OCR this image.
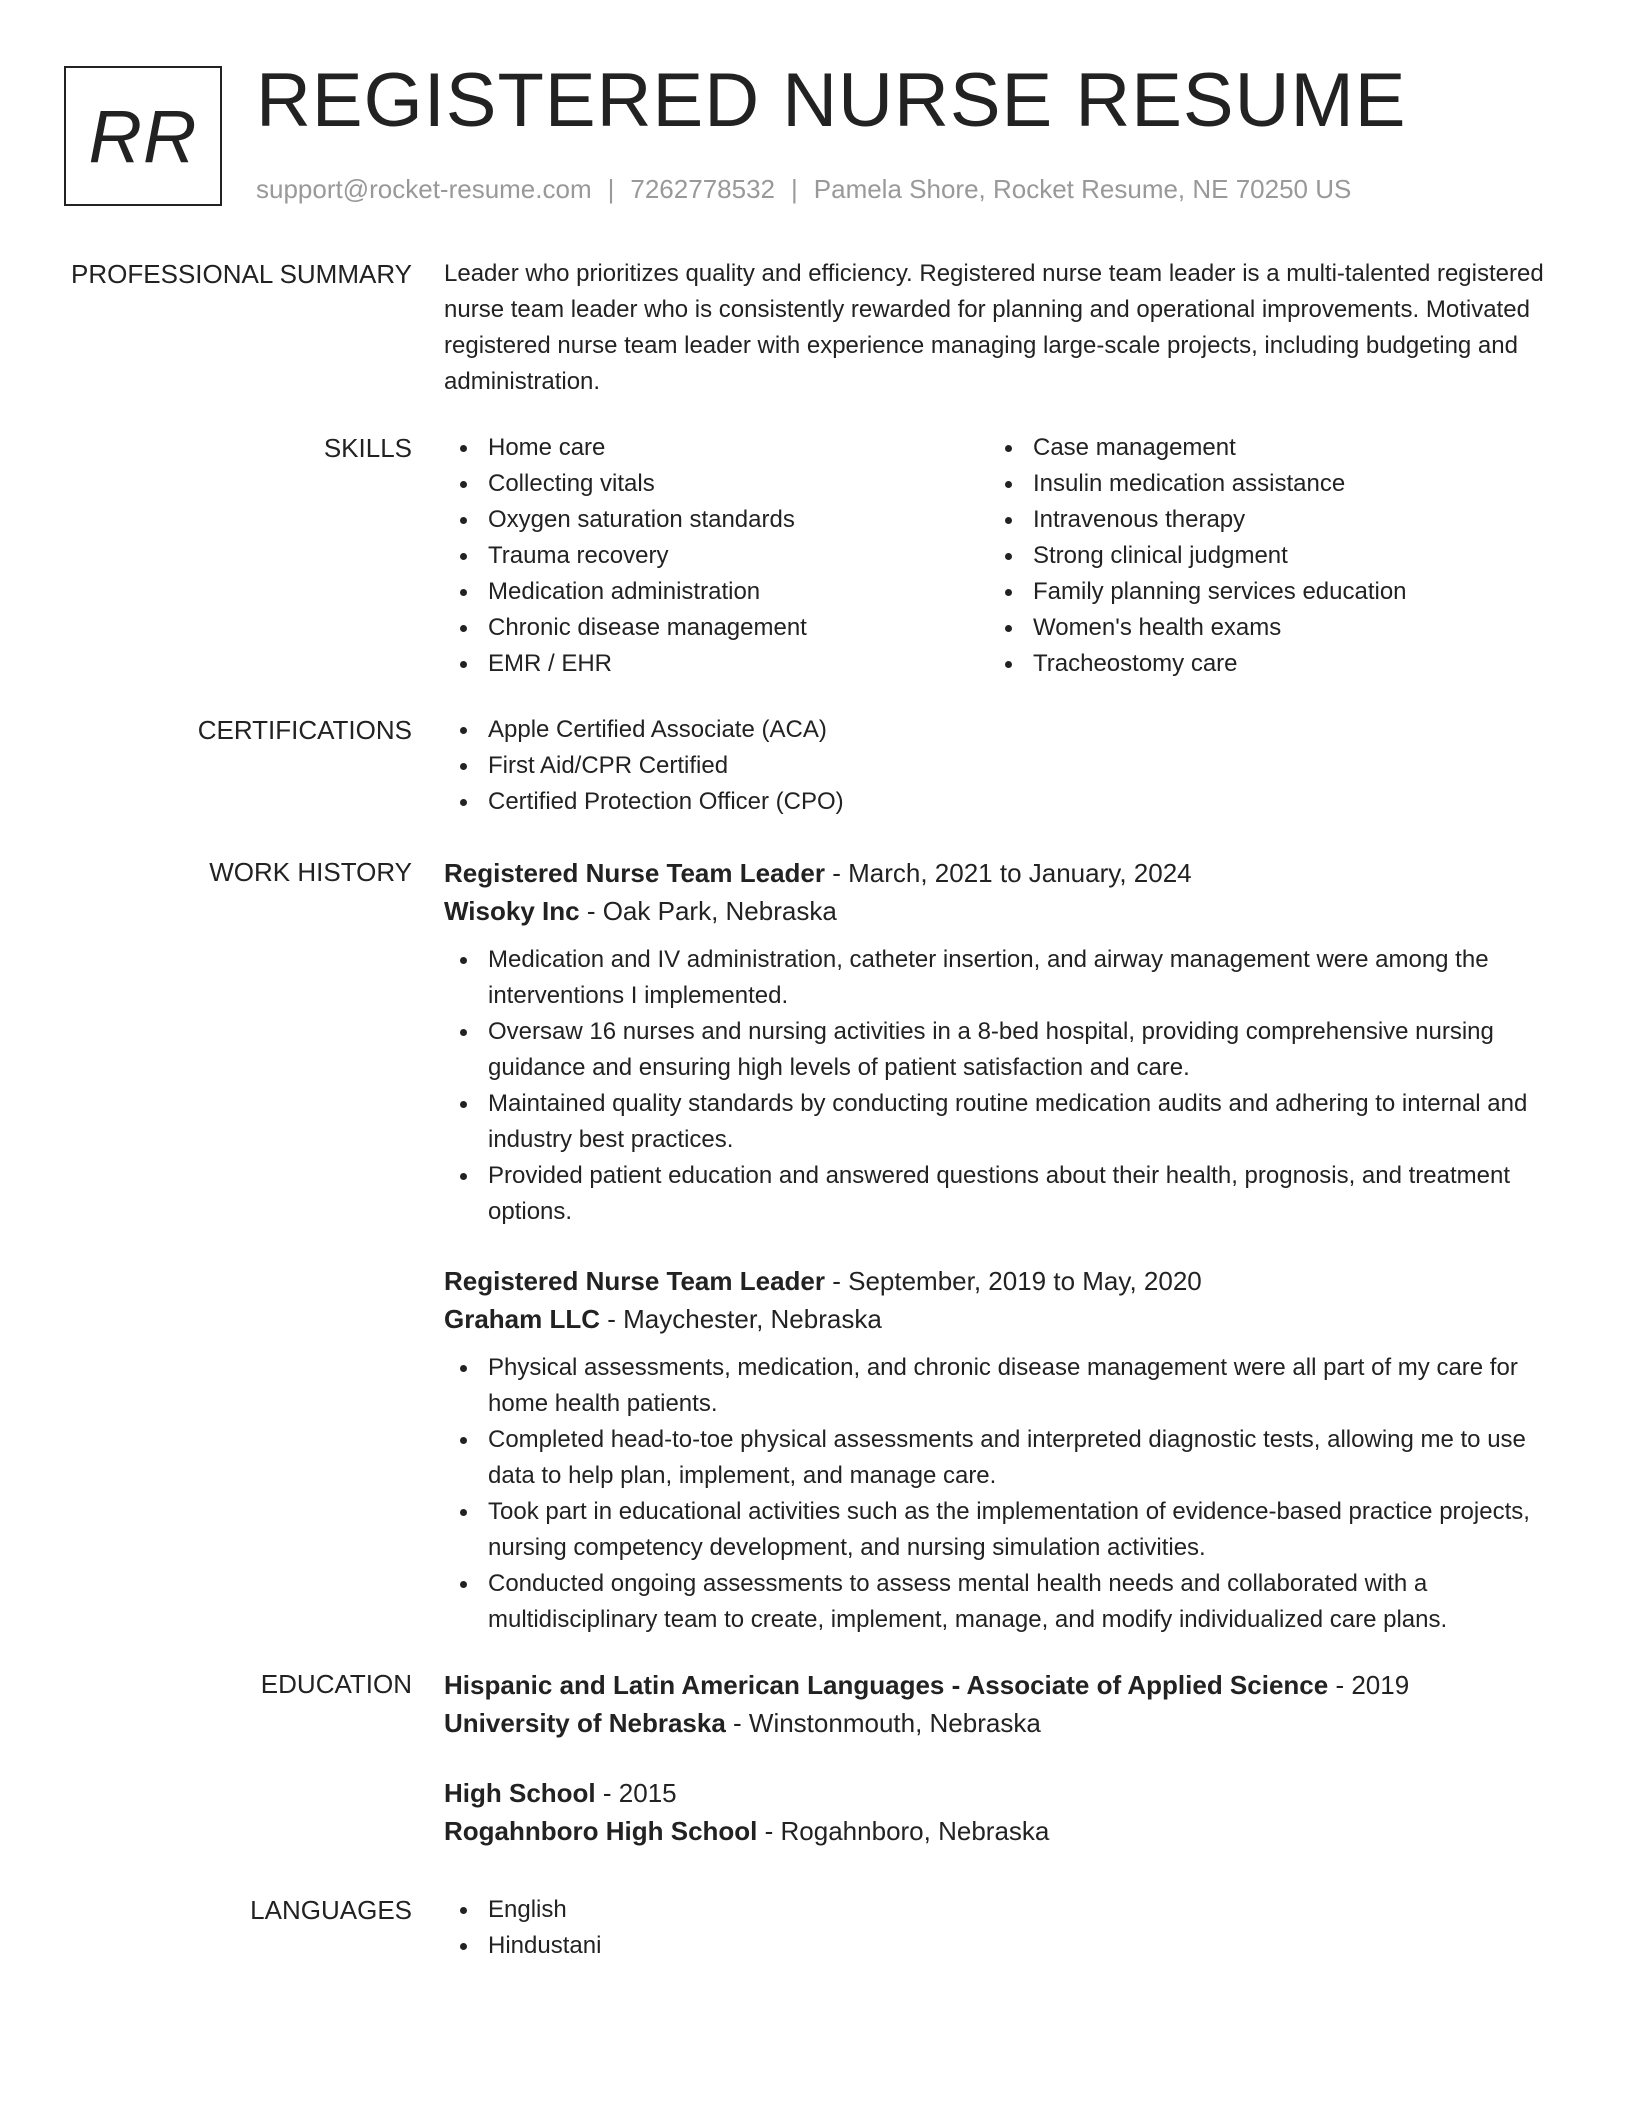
RR REGISTERED NURSE RESUME
support@rocket-resume.com | 7262778532 | Pamela Shore, Rocket Resume, NE 70250 US
PROFESSIONAL SUMMARY Leader who prioritizes quality and efficiency. Registered nurse team leader is a multi-talented registered nurse team leader who is consistently rewarded for planning and operational improvements. Motivated registered nurse team leader with experience managing large-scale projects, including budgeting and administration.

SKILLS	Home care
Collecting vitals
Oxygen saturation standards
Trauma recovery
Medication administration
Chronic disease management
EMR / EHR
Case management
Insulin medication assistance
Intravenous therapy
Strong clinical judgment
Family planning services education
Women's health exams
Tracheostomy care
CERTIFICATIONS	Apple Certified Associate (ACA)
First Aid/CPR Certified
Certified Protection Officer (CPO)
WORK HISTORY Registered Nurse Team Leader - March, 2021 to January, 2024
Wisoky Inc - Oak Park, Nebraska
Medication and IV administration, catheter insertion, and airway management were among the interventions I implemented.
Oversaw 16 nurses and nursing activities in a 8-bed hospital, providing comprehensive nursing guidance and ensuring high levels of patient satisfaction and care.
Maintained quality standards by conducting routine medication audits and adhering to internal and industry best practices.
Provided patient education and answered questions about their health, prognosis, and treatment options.
Registered Nurse Team Leader - September, 2019 to May, 2020
Graham LLC - Maychester, Nebraska
Physical assessments, medication, and chronic disease management were all part of my care for home health patients.
Completed head-to-toe physical assessments and interpreted diagnostic tests, allowing me to use data to help plan, implement, and manage care.
Took part in educational activities such as the implementation of evidence-based practice projects, nursing competency development, and nursing simulation activities.
Conducted ongoing assessments to assess mental health needs and collaborated with a multidisciplinary team to create, implement, manage, and modify individualized care plans.
EDUCATION Hispanic and Latin American Languages - Associate of Applied Science - 2019
University of Nebraska - Winstonmouth, Nebraska
High School - 2015
Rogahnboro High School - Rogahnboro, Nebraska
LANGUAGES	English
Hindustani
